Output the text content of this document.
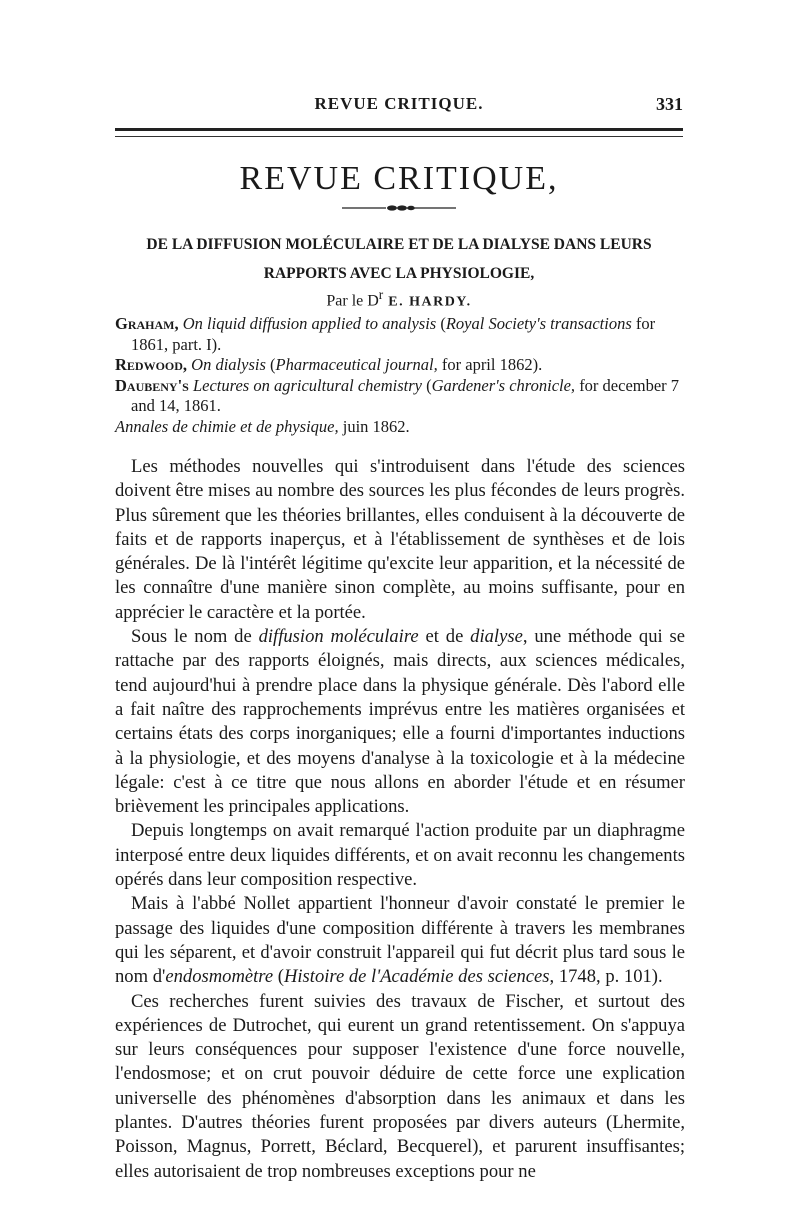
REVUE CRITIQUE.	331
REVUE CRITIQUE,
DE LA DIFFUSION MOLÉCULAIRE ET DE LA DIALYSE DANS LEURS
RAPPORTS AVEC LA PHYSIOLOGIE,
Par le $D^r$ E. HARDY.

Graham, On liquid diffusion applied to analysis (Royal Society's transactions for 1861, part. I).

Redwood, On dialysis (Pharmaceutical journal, for april 1862).

Daubeny's Lectures on agricultural chemistry (Gardener's chronicle, for december 7 and 14, 1861.

Annales de chimie et de physique, juin 1862.

Les méthodes nouvelles qui s'introduisent dans l'étude des sciences doivent être mises au nombre des sources les plus fécondes de leurs progrès. Plus sûrement que les théories brillantes, elles conduisent à la découverte de faits et de rapports inaperçus, et à l'établissement de synthèses et de lois générales. De là l'intérêt légitime qu'excite leur apparition, et la nécessité de les connaître d'une manière sinon complète, au moins suffisante, pour en apprécier le caractère et la portée.

Sous le nom de diffusion moléculaire et de dialyse, une méthode qui se rattache par des rapports éloignés, mais directs, aux sciences médicales, tend aujourd'hui à prendre place dans la physique générale. Dès l'abord elle a fait naître des rapprochements imprévus entre les matières organisées et certains états des corps inorganiques; elle a fourni d'importantes inductions à la physiologie, et des moyens d'analyse à la toxicologie et à la médecine légale: c'est à ce titre que nous allons en aborder l'étude et en résumer brièvement les principales applications.

Depuis longtemps on avait remarqué l'action produite par un diaphragme interposé entre deux liquides différents, et on avait reconnu les changements opérés dans leur composition respective.

Mais à l'abbé Nollet appartient l'honneur d'avoir constaté le premier le passage des liquides d'une composition différente à travers les membranes qui les séparent, et d'avoir construit l'appareil qui fut décrit plus tard sous le nom d'endosmomètre (Histoire de l'Académie des sciences, 1748, p. 101).

Ces recherches furent suivies des travaux de Fischer, et surtout des expériences de Dutrochet, qui eurent un grand retentissement. On s'appuya sur leurs conséquences pour supposer l'existence d'une force nouvelle, l'endosmose; et on crut pouvoir déduire de cette force une explication universelle des phénomènes d'absorption dans les animaux et dans les plantes. D'autres théories furent proposées par divers auteurs (Lhermite, Poisson, Magnus, Porrett, Béclard, Becquerel), et parurent insuffisantes; elles autorisaient de trop nombreuses exceptions pour ne
